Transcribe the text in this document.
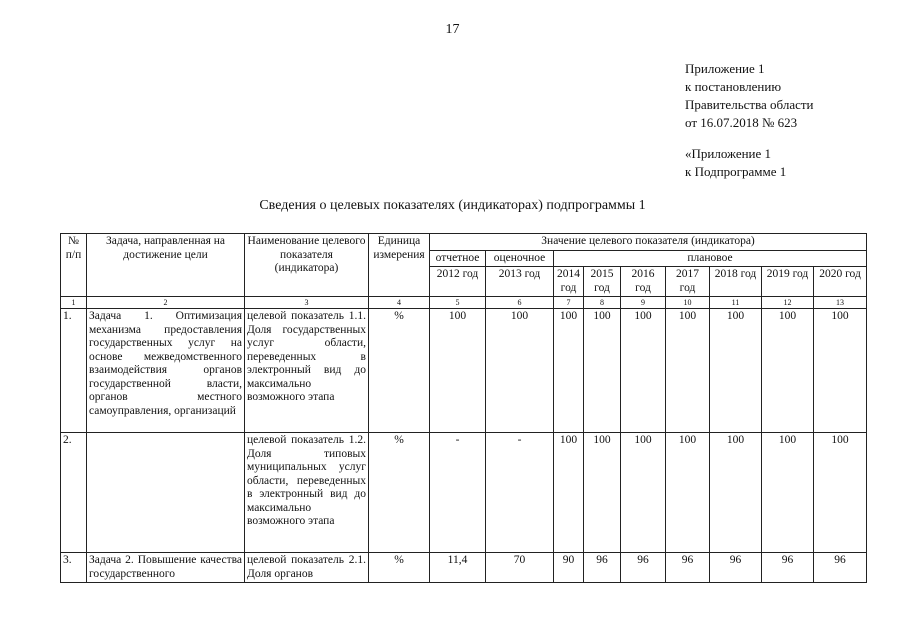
17
Приложение 1
к постановлению
Правительства области
от 16.07.2018 № 623
«Приложение 1
к Подпрограмме 1
Сведения о целевых показателях (индикаторах) подпрограммы 1
№ п/п	Задача, направленная на достижение цели	Наименование целевого показателя (индикатора)	Единица измерения	Значение целевого показателя (индикатора)								
				отчетное	оценочное	плановое						
				2012 год	2013 год	2014 год	2015 год	2016 год	2017 год	2018 год	2019 год	2020 год
1	2	3	4	5	6	7	8	9	10	11	12	13
1.	Задача 1. Оптимизация механизма предоставления государственных услуг на основе межведомственного взаимодействия органов государственной власти, органов местного самоуправления, организаций	целевой показатель 1.1. Доля государственных услуг области, переведенных в электронный вид до максимально возможного этапа	%	100	100	100	100	100	100	100	100	100
2.		целевой показатель 1.2. Доля типовых муниципальных услуг области, переведенных в электронный вид до максимально возможного этапа	%	-	-	100	100	100	100	100	100	100
3.	Задача 2. Повышение качества государственного	целевой показатель 2.1. Доля органов	%	11,4	70	90	96	96	96	96	96	96
